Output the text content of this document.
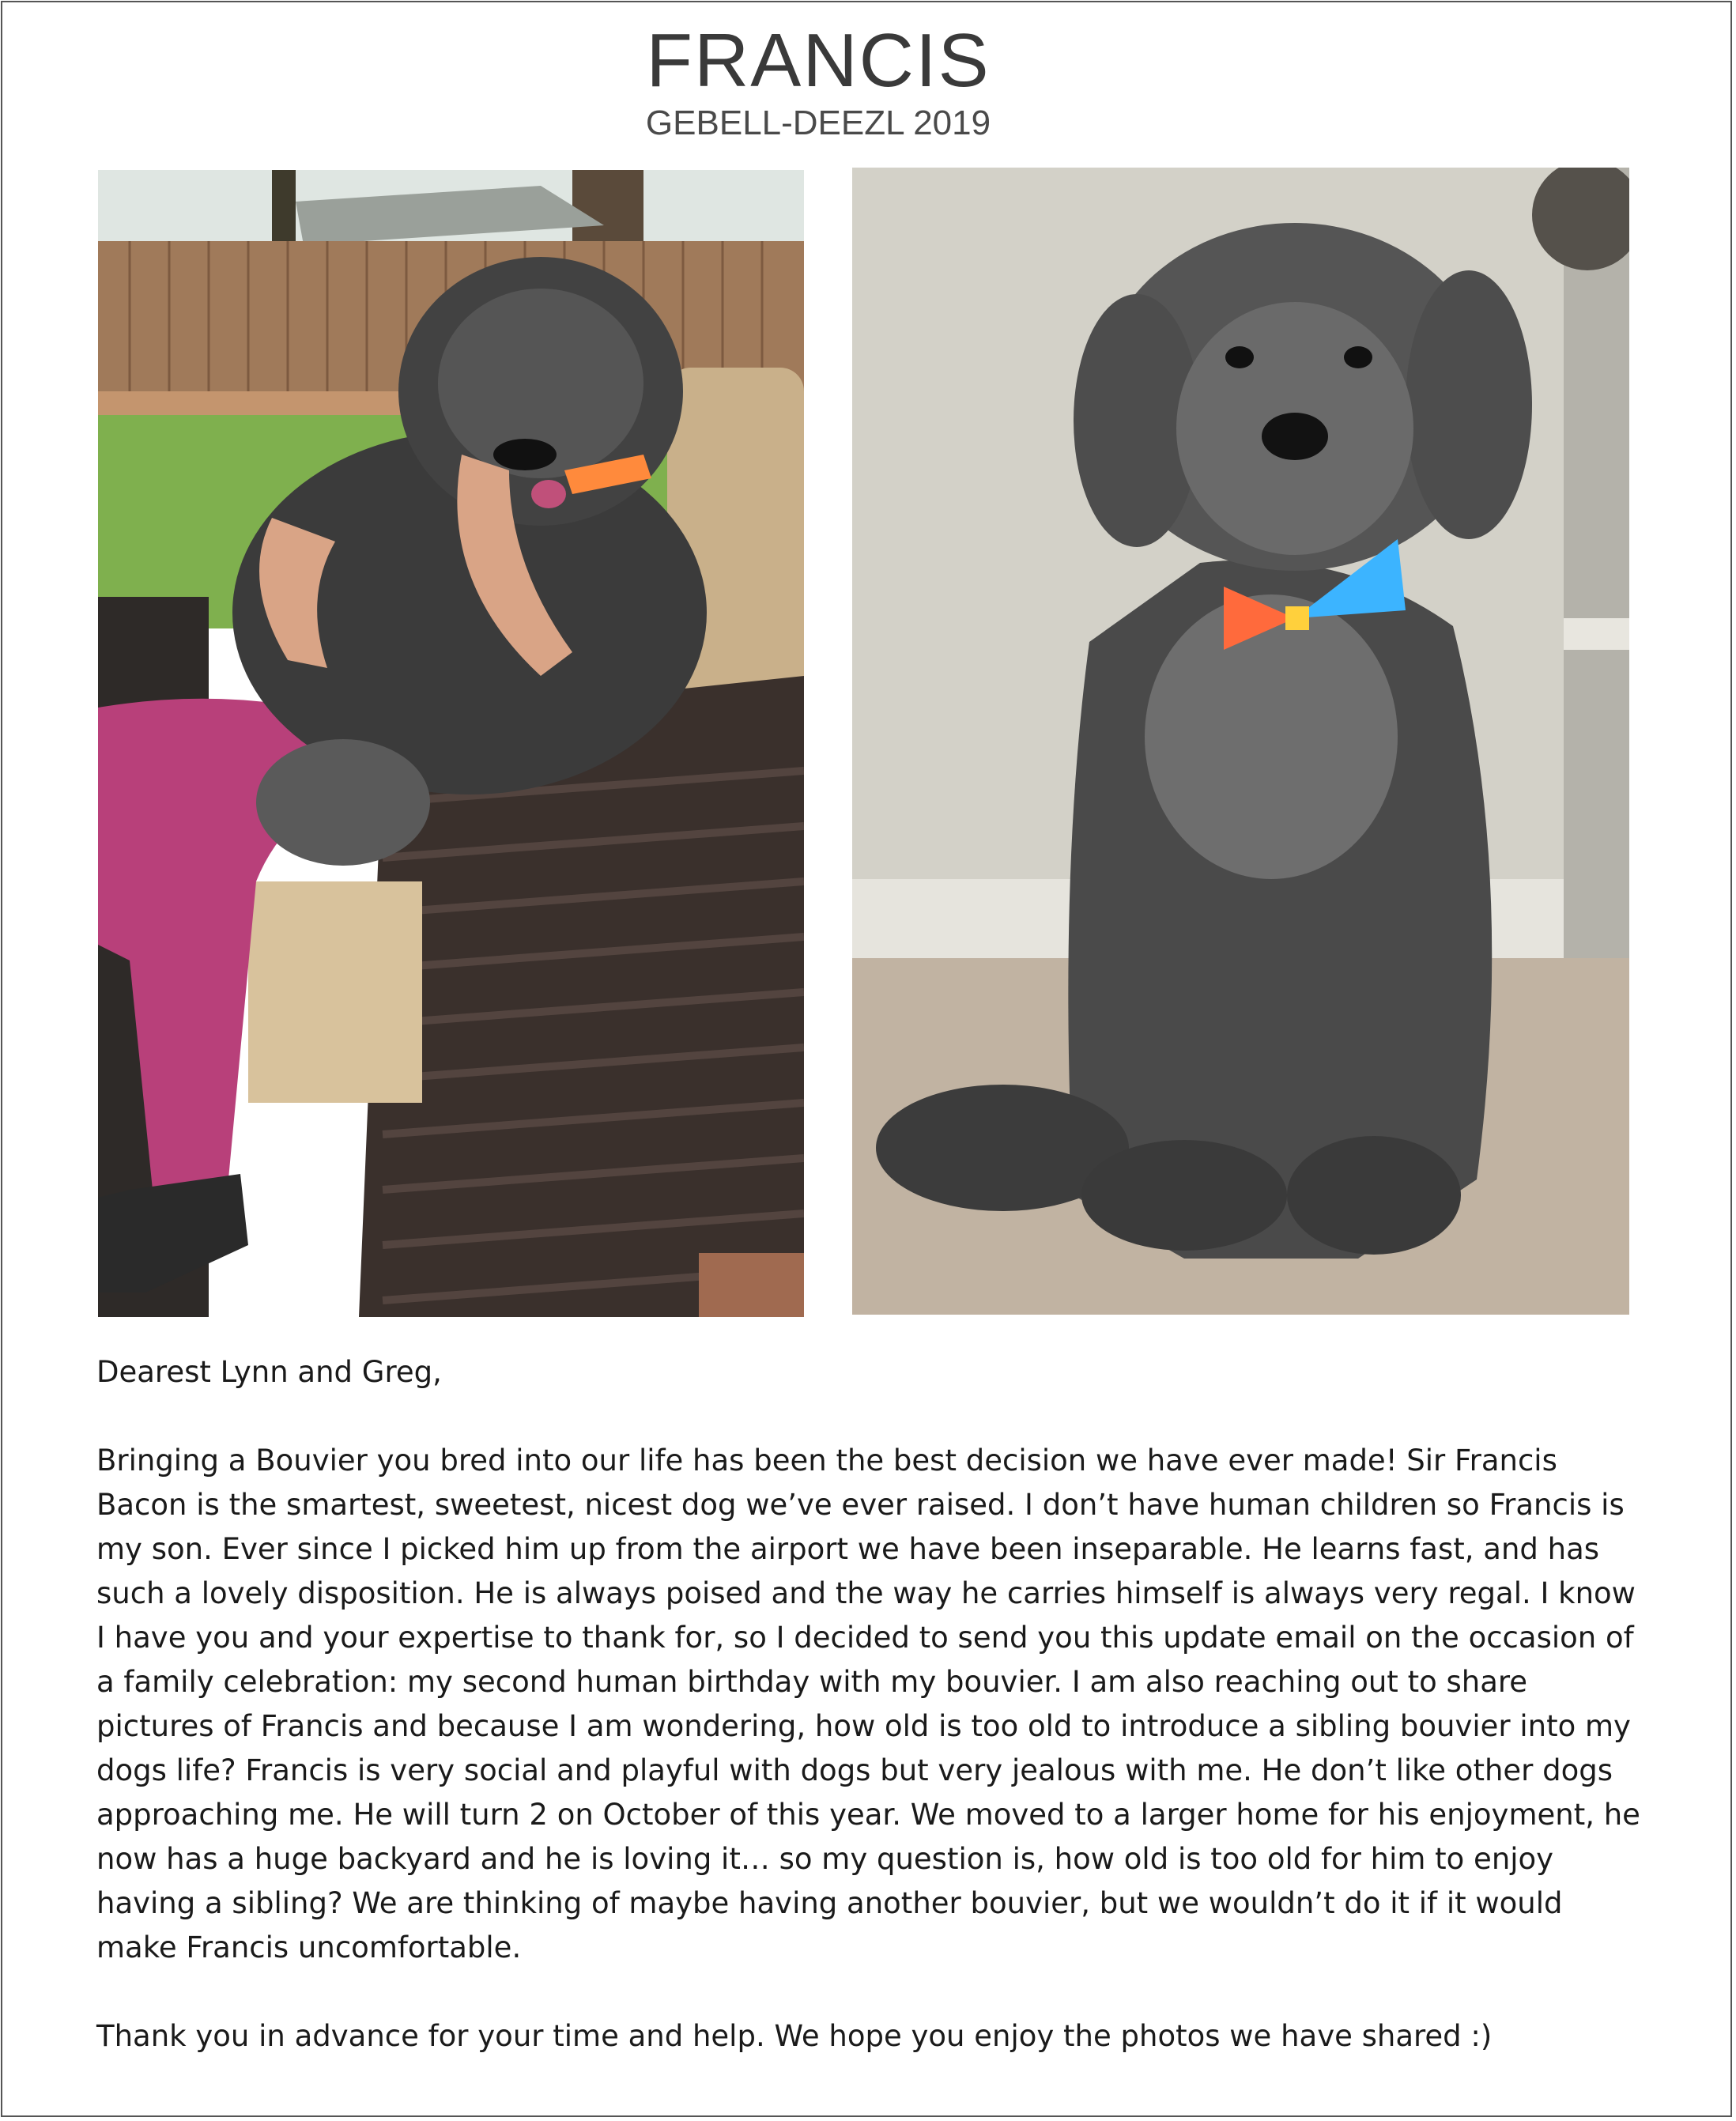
FRANCIS
GEBELL-DEEZL 2019

Dearest Lynn and Greg,

Bringing a Bouvier you bred into our life has been the best decision we have ever made! Sir Francis Bacon is the smartest, sweetest, nicest dog we’ve ever raised. I don’t have human children so Francis is my son. Ever since I picked him up from the airport we have been inseparable. He learns fast, and has such a lovely disposition. He is always poised and the way he carries himself is always very regal. I know I have you and your expertise to thank for, so I decided to send you this update email on the occasion of a family celebration: my second human birthday with my bouvier. I am also reaching out to share pictures of Francis and because I am wondering, how old is too old to introduce a sibling bouvier into my dogs life? Francis is very social and playful with dogs but very jealous with me. He don’t like other dogs approaching me. He will turn 2 on October of this year. We moved to a larger home for his enjoyment, he now has a huge backyard and he is loving it… so my question is, how old is too old for him to enjoy having a sibling? We are thinking of maybe having another bouvier, but we wouldn’t do it if it would make Francis uncomfortable.

Thank you in advance for your time and help. We hope you enjoy the photos we have shared :)
